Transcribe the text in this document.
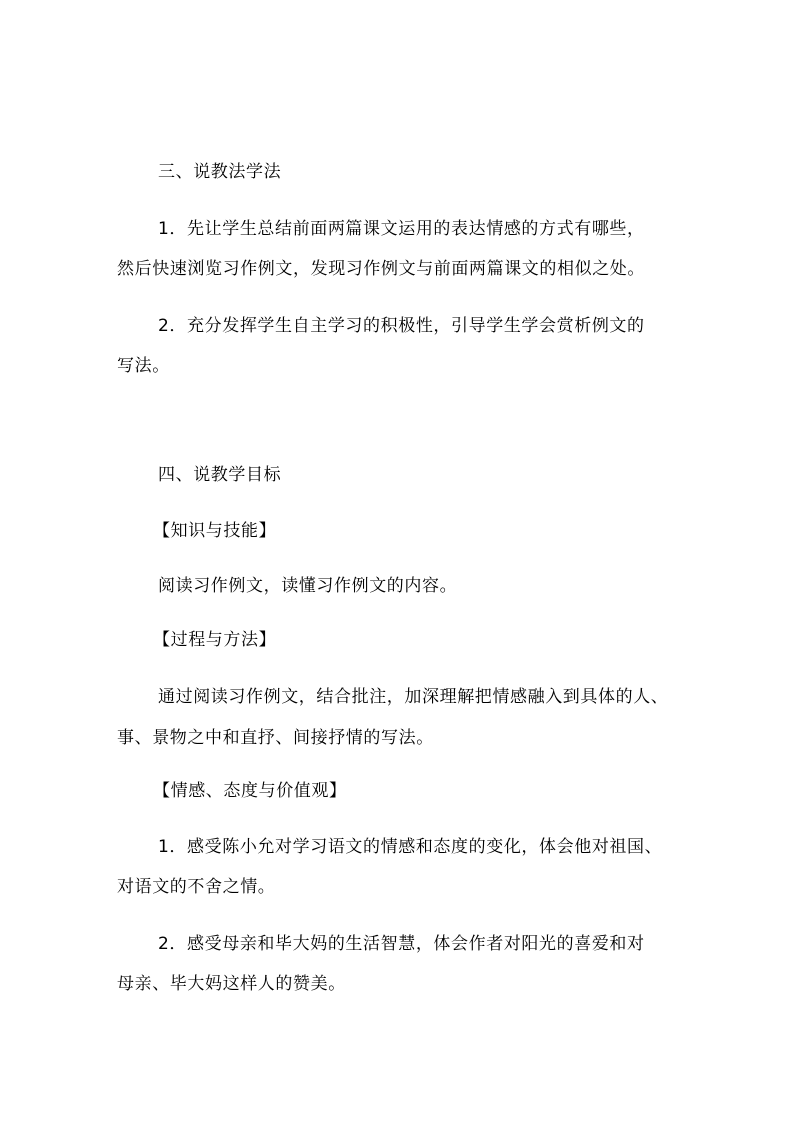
三、说教法学法
1．先让学生总结前面两篇课文运用的表达情感的方式有哪些，
然后快速浏览习作例文，发现习作例文与前面两篇课文的相似之处。
2．充分发挥学生自主学习的积极性，引导学生学会赏析例文的
写法。
四、说教学目标
【知识与技能】
阅读习作例文，读懂习作例文的内容。
【过程与方法】
通过阅读习作例文，结合批注，加深理解把情感融入到具体的人、
事、景物之中和直抒、间接抒情的写法。
【情感、态度与价值观】
1．感受陈小允对学习语文的情感和态度的变化，体会他对祖国、
对语文的不舍之情。
2．感受母亲和毕大妈的生活智慧，体会作者对阳光的喜爱和对
母亲、毕大妈这样人的赞美。
